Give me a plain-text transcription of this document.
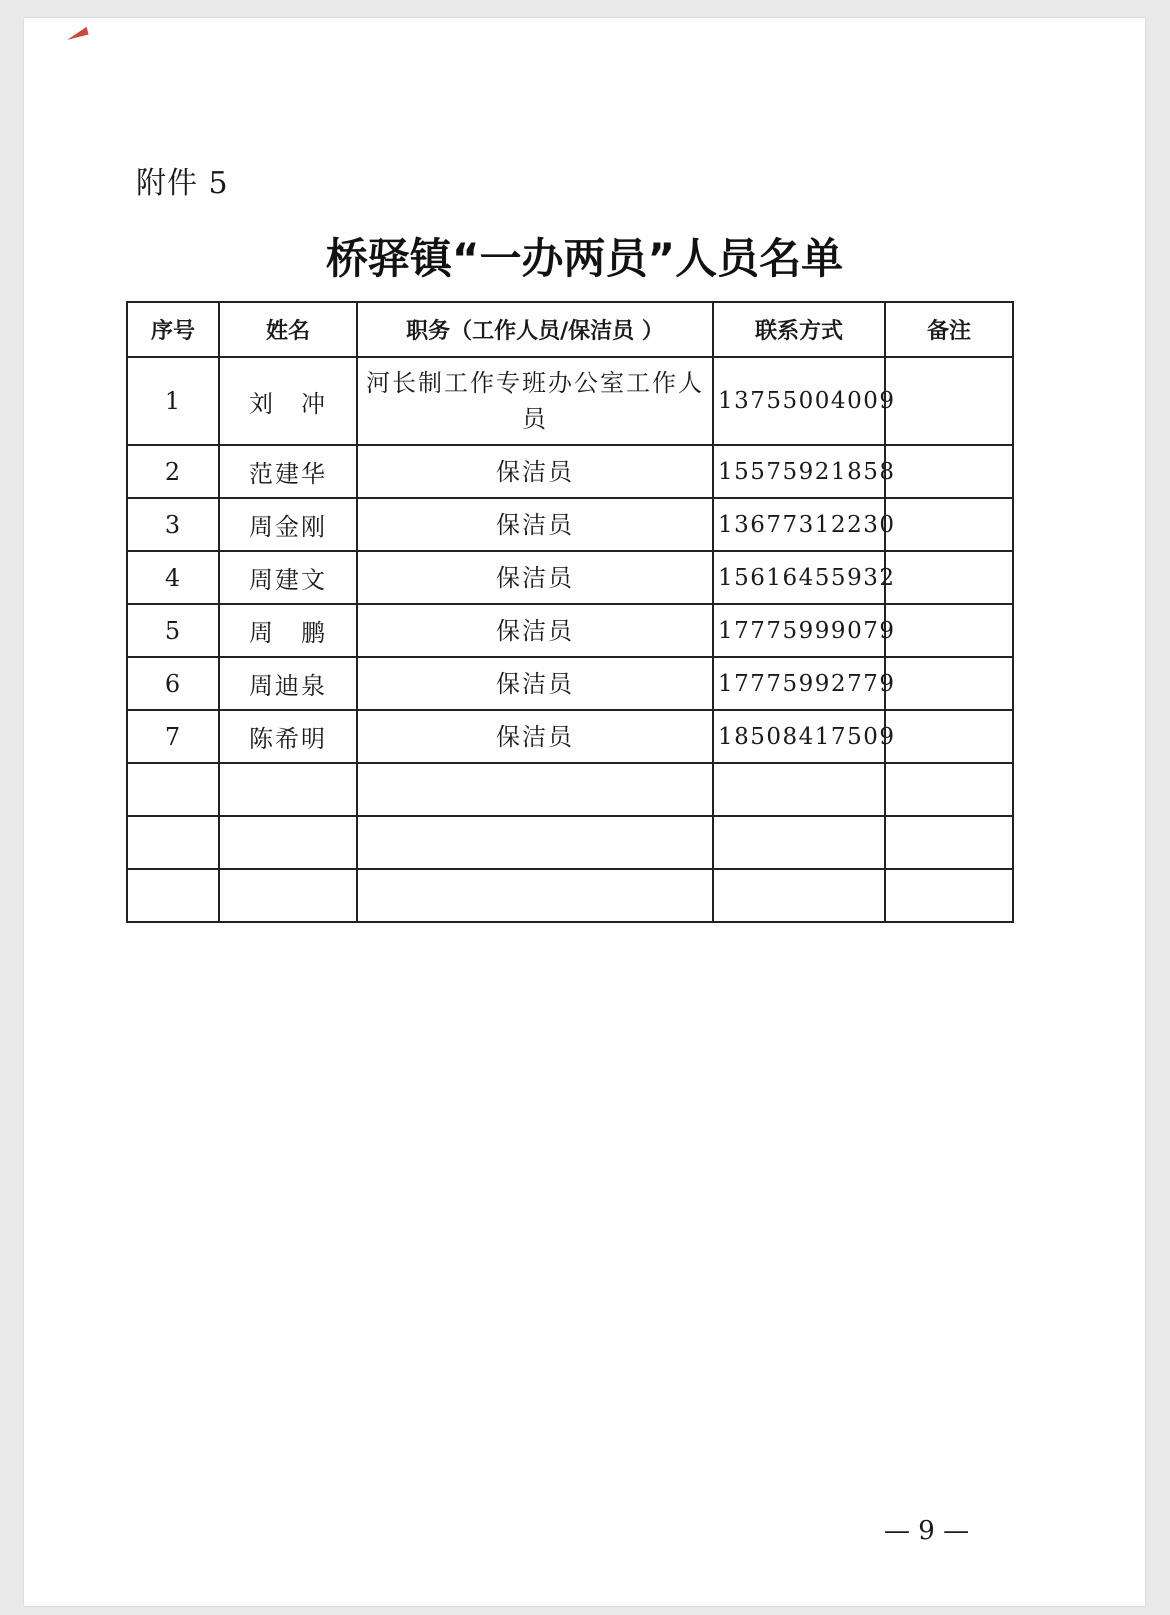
附件 5
桥驿镇“一办两员”人员名单
序号	姓名	职务（工作人员/保洁员 ）	联系方式	备注
1	刘　冲	河长制工作专班办公室工作人员	13755004009	
2	范建华	保洁员	15575921858	
3	周金刚	保洁员	13677312230	
4	周建文	保洁员	15616455932	
5	周　鹏	保洁员	17775999079	
6	周迪泉	保洁员	17775992779	
7	陈希明	保洁员	18508417509	

— 9 —
